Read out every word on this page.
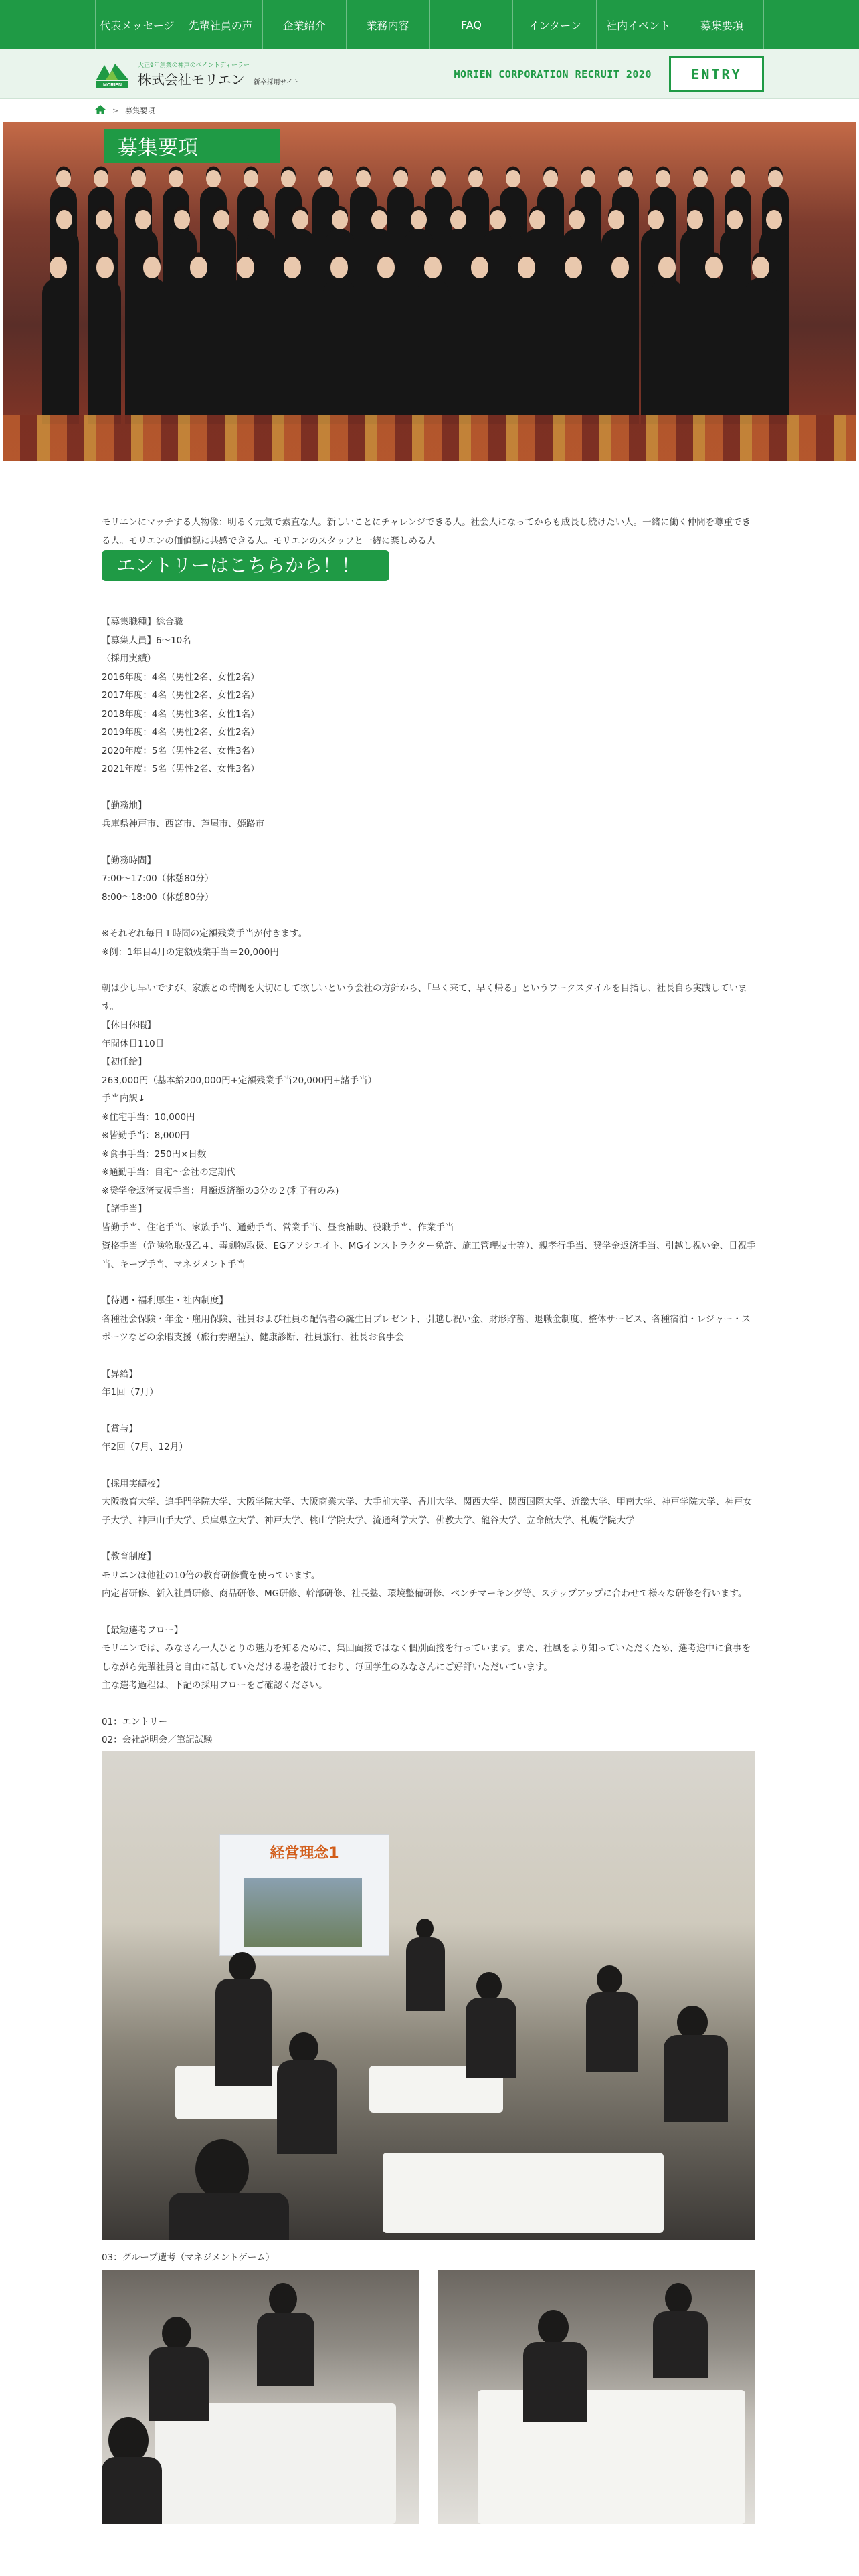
代表メッセージ	先輩社員の声	企業紹介	業務内容	FAQ	インターン	社内イベント	募集要項
MORIEN
大正9年創業の神戸のペイントディーラー
株式会社モリエン 新卒採用サイト
MORIEN CORPORATION RECRUIT 2020	ENTRY
> 募集要項
募集要項

モリエンにマッチする人物像：明るく元気で素直な人。新しいことにチャレンジできる人。社会人になってからも成長し続けたい人。一緒に働く仲間を尊重できる人。モリエンの価値観に共感できる人。モリエンのスタッフと一緒に楽しめる人

エントリーはこちらから！！
【募集職種】総合職
【募集人員】6～10名
（採用実績）
2016年度：4名（男性2名、女性2名）
2017年度：4名（男性2名、女性2名）
2018年度：4名（男性3名、女性1名）
2019年度：4名（男性2名、女性2名）
2020年度：5名（男性2名、女性3名）
2021年度：5名（男性2名、女性3名）
【勤務地】
兵庫県神戸市、西宮市、芦屋市、姫路市
【勤務時間】
7:00～17:00（休憩80分）
8:00～18:00（休憩80分）
※それぞれ毎日１時間の定額残業手当が付きます。
※例：1年目4月の定額残業手当＝20,000円
朝は少し早いですが、家族との時間を大切にして欲しいという会社の方針から、「早く来て、早く帰る」というワークスタイルを目指し、社長自ら実践しています。
【休日休暇】
年間休日110日
【初任給】
263,000円（基本給200,000円+定額残業手当20,000円+諸手当）
手当内訳↓
※住宅手当：10,000円
※皆勤手当：8,000円
※食事手当：250円×日数
※通勤手当：自宅〜会社の定期代
※奨学金返済支援手当：月額返済額の3分の２(利子有のみ)
【諸手当】
皆勤手当、住宅手当、家族手当、通勤手当、営業手当、昼食補助、役職手当、作業手当
資格手当（危険物取扱乙４、毒劇物取扱、EGアソシエイト、MGインストラクター免許、施工管理技士等）、親孝行手当、奨学金返済手当、引越し祝い金、日祝手当、キープ手当、マネジメント手当
【待遇・福利厚生・社内制度】
各種社会保険・年金・雇用保険、社員および社員の配偶者の誕生日プレゼント、引越し祝い金、財形貯蓄、退職金制度、整体サービス、各種宿泊・レジャー・スポーツなどの余暇支援（旅行券贈呈）、健康診断、社員旅行、社長お食事会
【昇給】
年1回（7月）
【賞与】
年2回（7月、12月）
【採用実績校】
大阪教育大学、追手門学院大学、大阪学院大学、大阪商業大学、大手前大学、香川大学、関西大学、関西国際大学、近畿大学、甲南大学、神戸学院大学、神戸女子大学、神戸山手大学、兵庫県立大学、神戸大学、桃山学院大学、流通科学大学、佛教大学、龍谷大学、立命館大学、札幌学院大学
【教育制度】
モリエンは他社の10倍の教育研修費を使っています。
内定者研修、新入社員研修、商品研修、MG研修、幹部研修、社長塾、環境整備研修、ベンチマーキング等、ステップアップに合わせて様々な研修を行います。
【最短選考フロー】
モリエンでは、みなさん一人ひとりの魅力を知るために、集団面接ではなく個別面接を行っています。また、社風をより知っていただくため、選考途中に食事をしながら先輩社員と自由に話していただける場を設けており、毎回学生のみなさんにご好評いただいています。
主な選考過程は、下記の採用フローをご確認ください。

01：エントリー

02：会社説明会／筆記試験

経営理念1

03：グループ選考（マネジメントゲーム）
